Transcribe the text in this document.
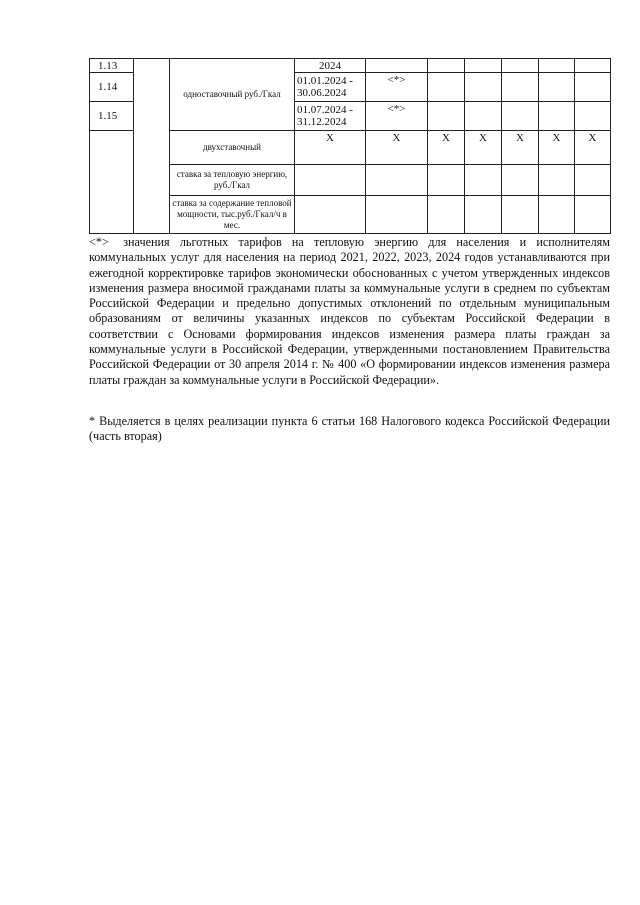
1.13		одноставочный руб./Гкал	2024						
1.14			01.01.2024 - 30.06.2024	<*>					
1.15			01.07.2024 - 31.12.2024	<*>					
		двухставочный	X	X	X	X	X	X	X
		ставка за тепловую энергию, руб./Гкал							
		ставка за содержание тепловой мощности, тыс.руб./Гкал/ч в мес.							

<*> значения льготных тарифов на тепловую энергию для населения и исполнителям коммунальных услуг для населения на период 2021, 2022, 2023, 2024 годов устанавливаются при ежегодной корректировке тарифов экономически обоснованных с учетом утвержденных индексов изменения размера вносимой гражданами платы за коммунальные услуги в среднем по субъектам Российской Федерации и предельно допустимых отклонений по отдельным муниципальным образованиям от величины указанных индексов по субъектам Российской Федерации в соответствии с Основами формирования индексов изменения размера платы граждан за коммунальные услуги в Российской Федерации, утвержденными постановлением Правительства Российской Федерации от 30 апреля 2014 г. № 400 «О формировании индексов изменения размера платы граждан за коммунальные услуги в Российской Федерации».

* Выделяется в целях реализации пункта 6 статьи 168 Налогового кодекса Российской Федерации (часть вторая)
